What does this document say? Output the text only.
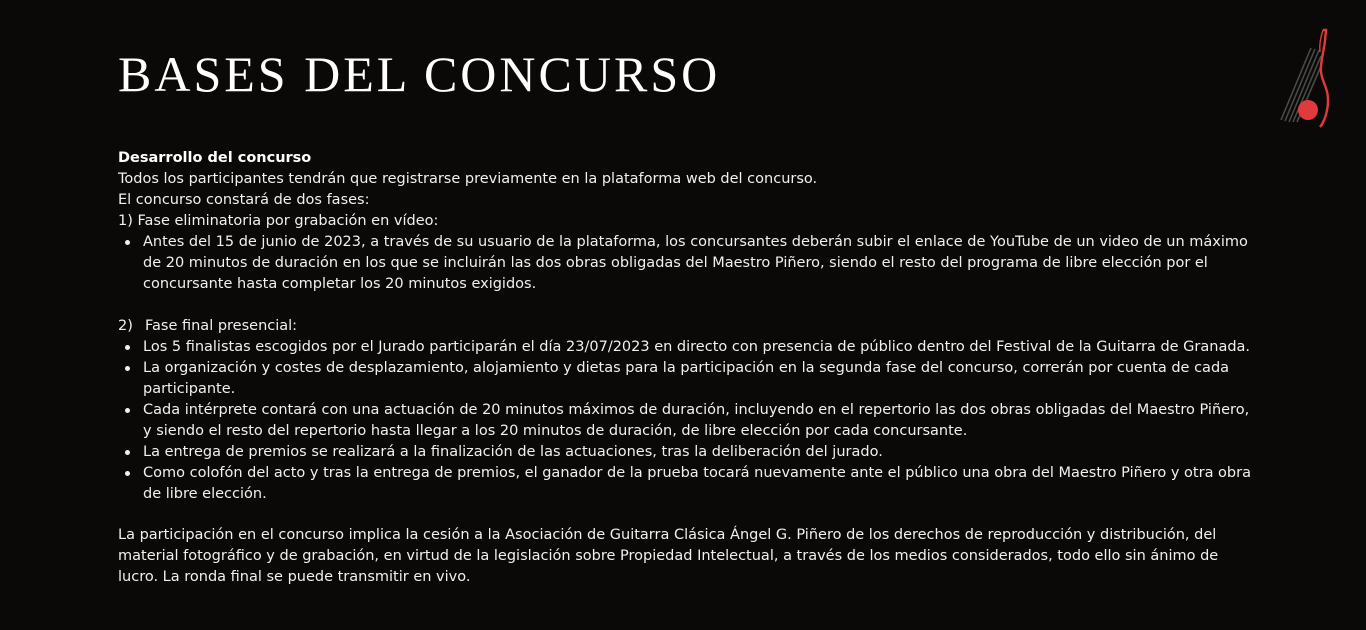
BASES DEL CONCURSO

Desarrollo del concurso

Todos los participantes tendrán que registrarse previamente en la plataforma web del concurso.

El concurso constará de dos fases:

1) Fase eliminatoria por grabación en vídeo:

Antes del 15 de junio de 2023, a través de su usuario de la plataforma, los concursantes deberán subir el enlace de YouTube de un video de un máximo de 20 minutos de duración en los que se incluirán las dos obras obligadas del Maestro Piñero, siendo el resto del programa de libre elección por el concursante hasta completar los 20 minutos exigidos.

2) Fase final presencial:

Los 5 finalistas escogidos por el Jurado participarán el día 23/07/2023 en directo con presencia de público dentro del Festival de la Guitarra de Granada.
La organización y costes de desplazamiento, alojamiento y dietas para la participación en la segunda fase del concurso, correrán por cuenta de cada participante.
Cada intérprete contará con una actuación de 20 minutos máximos de duración, incluyendo en el repertorio las dos obras obligadas del Maestro Piñero, y siendo el resto del repertorio hasta llegar a los 20 minutos de duración, de libre elección por cada concursante.
La entrega de premios se realizará a la finalización de las actuaciones, tras la deliberación del jurado.
Como colofón del acto y tras la entrega de premios, el ganador de la prueba tocará nuevamente ante el público una obra del Maestro Piñero y otra obra de libre elección.

La participación en el concurso implica la cesión a la Asociación de Guitarra Clásica Ángel G. Piñero de los derechos de reproducción y distribución, del material fotográfico y de grabación, en virtud de la legislación sobre Propiedad Intelectual, a través de los medios considerados, todo ello sin ánimo de lucro. La ronda final se puede transmitir en vivo.
